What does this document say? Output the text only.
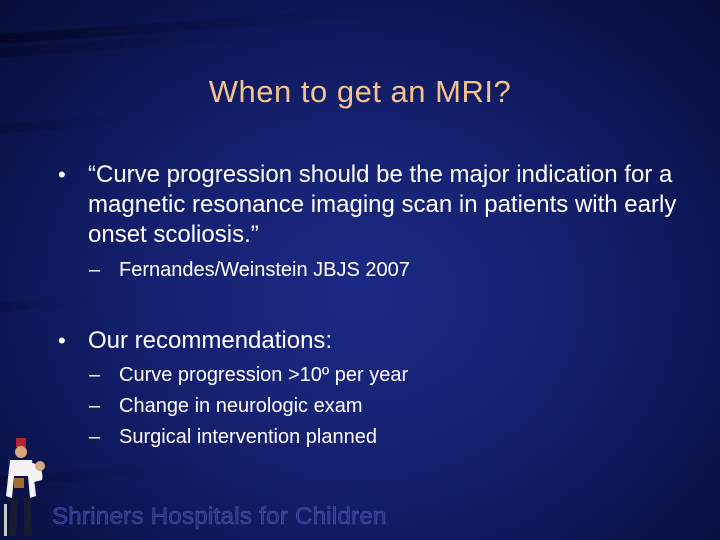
When to get an MRI?
• “Curve progression should be the major indication for a magnetic resonance imaging scan in patients with early onset scoliosis.”
– Fernandes/Weinstein JBJS 2007
• Our recommendations:
– Curve progression >10º per year
– Change in neurologic exam
– Surgical intervention planned
Shriners Hospitals for Children
